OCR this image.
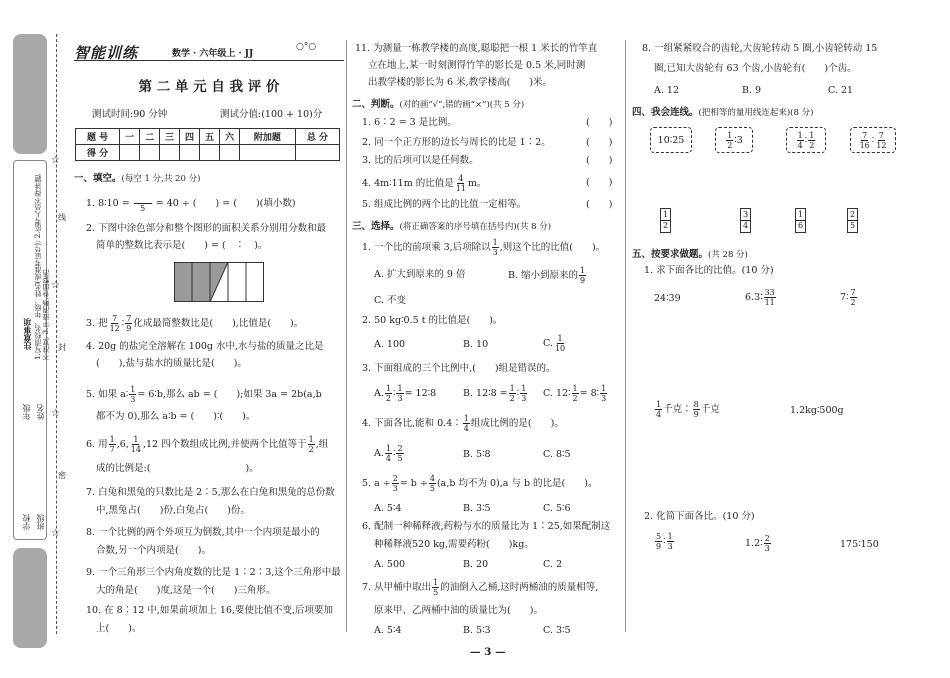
注意事项 1.写清校名、年级、姓名(或准考证号); 2.监考人员不得讲题,不准宽; 3.字迹清晰,卷面整洁
学校 班级
年级 姓名
线
封
密
☆
☆
☆
☆
智能训练	数学 · 六年级上 · JJ
○°○
第 二 单 元 自 我 评 价
测试时间:90 分钟	测试分值:(100 + 10)分
题 号	一	二	三	四	五	六	附加题	总 分
得 分								
一、填空。(每空 1 分,共 20 分)
1. 8∶10 =
　　 5 = 40 ÷ (　　 ) = (　　 )(填小数)
2. 下图中涂色部分和整个图形的面积关系分别用分数和最
简单的整数比表示是(　　 ) = (　 ∶　 )。
3. 把 $\frac{7}{12}$ ∶ $\frac{7}{9}$ 化成最简整数比是(　　 ),比值是(　　 )。
4. 20g 的盐完全溶解在 100g 水中,水与盐的质量之比是
(　　 ),盐与盐水的质量比是(　　 )。
5. 如果 a∶ $\frac{1}{3}$ = 6∶b,那么 ab = (　　 );如果 3a = 2b(a,b
都不为 0),那么 a∶b = (　　 )∶(　　 )。
6. 用 $\frac{1}{7} ,6$, $\frac{1}{14} ,12$ 四个数组成比例,并使两个比值等于 $\frac{1}{2}$ ,组
成的比例是:(　　　　　　　　　　	)。
7. 白兔和黑兔的只数比是 2∶5,那么在白兔和黑兔的总份数
中,黑兔占(　　 )份,白兔占(　　 )份。
8. 一个比例的两个外项互为倒数,其中一个内项是最小的
合数,另一个内项是(　　 )。
9. 一个三角形三个内角度数的比是 1∶2∶3,这个三角形中最
大的角是(　　 )度,这是一个(　　 )三角形。
10. 在 8∶12 中,如果前项加上 16,要使比值不变,后项要加
上(　　 )。
11. 为测量一栋教学楼的高度,聪聪把一根 1 米长的竹竿直
立在地上,某一时刻测得竹竿的影长是 0.5 米,同时测
出教学楼的影长为 6 米,教学楼高(　　 )米。
二、判断。(对的画“√”,错的画“×”)(共 5 分)
1. 6∶2 = 3 是比例。	(　　)
2. 同一个正方形的边长与周长的比是 1∶2。	(　　)
3. 比的后项可以是任何数。	(　　)
4. 4m∶11m 的比值是 $\frac{4}{11}$ m。	(　　)
5. 组成比例的两个比的比值一定相等。	(　　)
三、选择。(将正确答案的序号填在括号内)(共 8 分)
1. 一个比的前项乘 3,后项除以 $\frac{1}{3}$ ,则这个比的比值(　　 )。
A. 扩大到原来的 9 倍	B. 缩小到原来的 $\frac{1}{9}$
C. 不变
2. 50 kg∶0.5 t 的比值是(　　 )。
A. 100	B. 10	C. $\frac{1}{10}$
3. 下面组成的三个比例中,(　　 )组是错误的。
A. $\frac{1}{2}$ ∶ $\frac{1}{3}$ = 12∶8	B. 12∶8 = $\frac{1}{2}$ ∶ $\frac{1}{3} C$. 12∶ $\frac{1}{2}$ = 8∶ $\frac{1}{3}$
4. 下面各比,能和 0.4∶ $\frac{1}{4}$ 组成比例的是(　　 )。
A. $\frac{1}{4}$ ∶ $\frac{2}{5}$	B. 5∶8	C. 8∶5
5. $a \div \frac{2}{3} = b \div \frac{4}{5} (a,b$ 均不为 0),a 与 b 的比是(　　 )。
A. 5∶4	B. 3∶5	C. 5∶6
6. 配制一种稀释液,药粉与水的质量比为 1∶25,如果配制这
种稀释液520 kg,需要药粉(　　 )kg。
A. 500	B. 20	C. 2
7. 从甲桶中取出 $\frac{1}{5}$ 的油倒入乙桶,这时两桶油的质量相等,
原来甲、乙两桶中油的质量比为(　　 )。
A. 5∶4	B. 5∶3	C. 3∶5
8. 一组紧紧咬合的齿轮,大齿轮转动 5 圈,小齿轮转动 15
圈,已知大齿轮有 63 个齿,小齿轮有(　　 )个齿。
A. 12	B. 9	C. 21
四、我会连线。(把相等的量用线连起来)(8 分)
10∶25	$\frac{1}{2}$ ∶3	$\frac{1}{4}$ ∶ $\frac{1}{2}$	$\frac{7}{16}$ ∶ $\frac{7}{12}$
1
2
3
4
1
6
2
5
五、按要求做题。(共 28 分)
1. 求下面各比的比值。(10 分)
24∶39	6.3∶ $\frac{33}{11}$	7∶ $\frac{7}{2}$
$\frac{1}{4}$ 千克∶ $\frac{8}{9}$ 千克	1.2kg∶500g
2. 化简下面各比。(10 分)
$\frac{5}{9}$ ∶ $\frac{1}{3}$	1.2∶ $\frac{2}{3}$	175∶150
— 3 —
